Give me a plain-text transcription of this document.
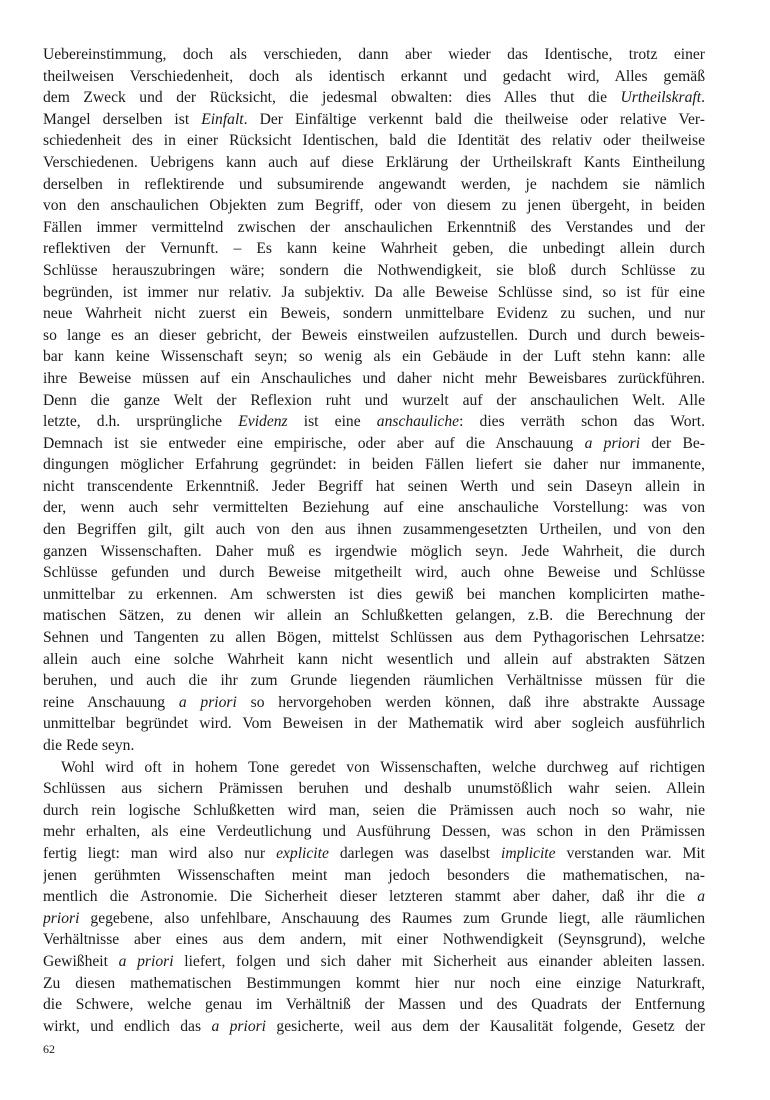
Uebereinstimmung, doch als verschieden, dann aber wieder das Identische, trotz einer
theilweisen Verschiedenheit, doch als identisch erkannt und gedacht wird, Alles gemäß
dem Zweck und der Rücksicht, die jedesmal obwalten: dies Alles thut die Urtheilskraft.
Mangel derselben ist Einfalt. Der Einfältige verkennt bald die theilweise oder relative Ver-
schiedenheit des in einer Rücksicht Identischen, bald die Identität des relativ oder theilweise
Verschiedenen. Uebrigens kann auch auf diese Erklärung der Urtheilskraft Kants Eintheilung
derselben in reflektirende und subsumirende angewandt werden, je nachdem sie nämlich
von den anschaulichen Objekten zum Begriff, oder von diesem zu jenen übergeht, in beiden
Fällen immer vermittelnd zwischen der anschaulichen Erkenntniß des Verstandes und der
reflektiven der Vernunft. – Es kann keine Wahrheit geben, die unbedingt allein durch
Schlüsse herauszubringen wäre; sondern die Nothwendigkeit, sie bloß durch Schlüsse zu
begründen, ist immer nur relativ. Ja subjektiv. Da alle Beweise Schlüsse sind, so ist für eine
neue Wahrheit nicht zuerst ein Beweis, sondern unmittelbare Evidenz zu suchen, und nur
so lange es an dieser gebricht, der Beweis einstweilen aufzustellen. Durch und durch beweis-
bar kann keine Wissenschaft seyn; so wenig als ein Gebäude in der Luft stehn kann: alle
ihre Beweise müssen auf ein Anschauliches und daher nicht mehr Beweisbares zurückführen.
Denn die ganze Welt der Reflexion ruht und wurzelt auf der anschaulichen Welt. Alle
letzte, d.h. ursprüngliche Evidenz ist eine anschauliche: dies verräth schon das Wort.
Demnach ist sie entweder eine empirische, oder aber auf die Anschauung a priori der Be-
dingungen möglicher Erfahrung gegründet: in beiden Fällen liefert sie daher nur immanente,
nicht transcendente Erkenntniß. Jeder Begriff hat seinen Werth und sein Daseyn allein in
der, wenn auch sehr vermittelten Beziehung auf eine anschauliche Vorstellung: was von
den Begriffen gilt, gilt auch von den aus ihnen zusammengesetzten Urtheilen, und von den
ganzen Wissenschaften. Daher muß es irgendwie möglich seyn. Jede Wahrheit, die durch
Schlüsse gefunden und durch Beweise mitgetheilt wird, auch ohne Beweise und Schlüsse
unmittelbar zu erkennen. Am schwersten ist dies gewiß bei manchen komplicirten mathe-
matischen Sätzen, zu denen wir allein an Schlußketten gelangen, z.B. die Berechnung der
Sehnen und Tangenten zu allen Bögen, mittelst Schlüssen aus dem Pythagorischen Lehrsatze:
allein auch eine solche Wahrheit kann nicht wesentlich und allein auf abstrakten Sätzen
beruhen, und auch die ihr zum Grunde liegenden räumlichen Verhältnisse müssen für die
reine Anschauung a priori so hervorgehoben werden können, daß ihre abstrakte Aussage
unmittelbar begründet wird. Vom Beweisen in der Mathematik wird aber sogleich ausführlich
die Rede seyn.
Wohl wird oft in hohem Tone geredet von Wissenschaften, welche durchweg auf richtigen
Schlüssen aus sichern Prämissen beruhen und deshalb unumstößlich wahr seien. Allein
durch rein logische Schlußketten wird man, seien die Prämissen auch noch so wahr, nie
mehr erhalten, als eine Verdeutlichung und Ausführung Dessen, was schon in den Prämissen
fertig liegt: man wird also nur explicite darlegen was daselbst implicite verstanden war. Mit
jenen gerühmten Wissenschaften meint man jedoch besonders die mathematischen, na-
mentlich die Astronomie. Die Sicherheit dieser letzteren stammt aber daher, daß ihr die a
priori gegebene, also unfehlbare, Anschauung des Raumes zum Grunde liegt, alle räumlichen
Verhältnisse aber eines aus dem andern, mit einer Nothwendigkeit (Seynsgrund), welche
Gewißheit a priori liefert, folgen und sich daher mit Sicherheit aus einander ableiten lassen.
Zu diesen mathematischen Bestimmungen kommt hier nur noch eine einzige Naturkraft,
die Schwere, welche genau im Verhältniß der Massen und des Quadrats der Entfernung
wirkt, und endlich das a priori gesicherte, weil aus dem der Kausalität folgende, Gesetz der
62
